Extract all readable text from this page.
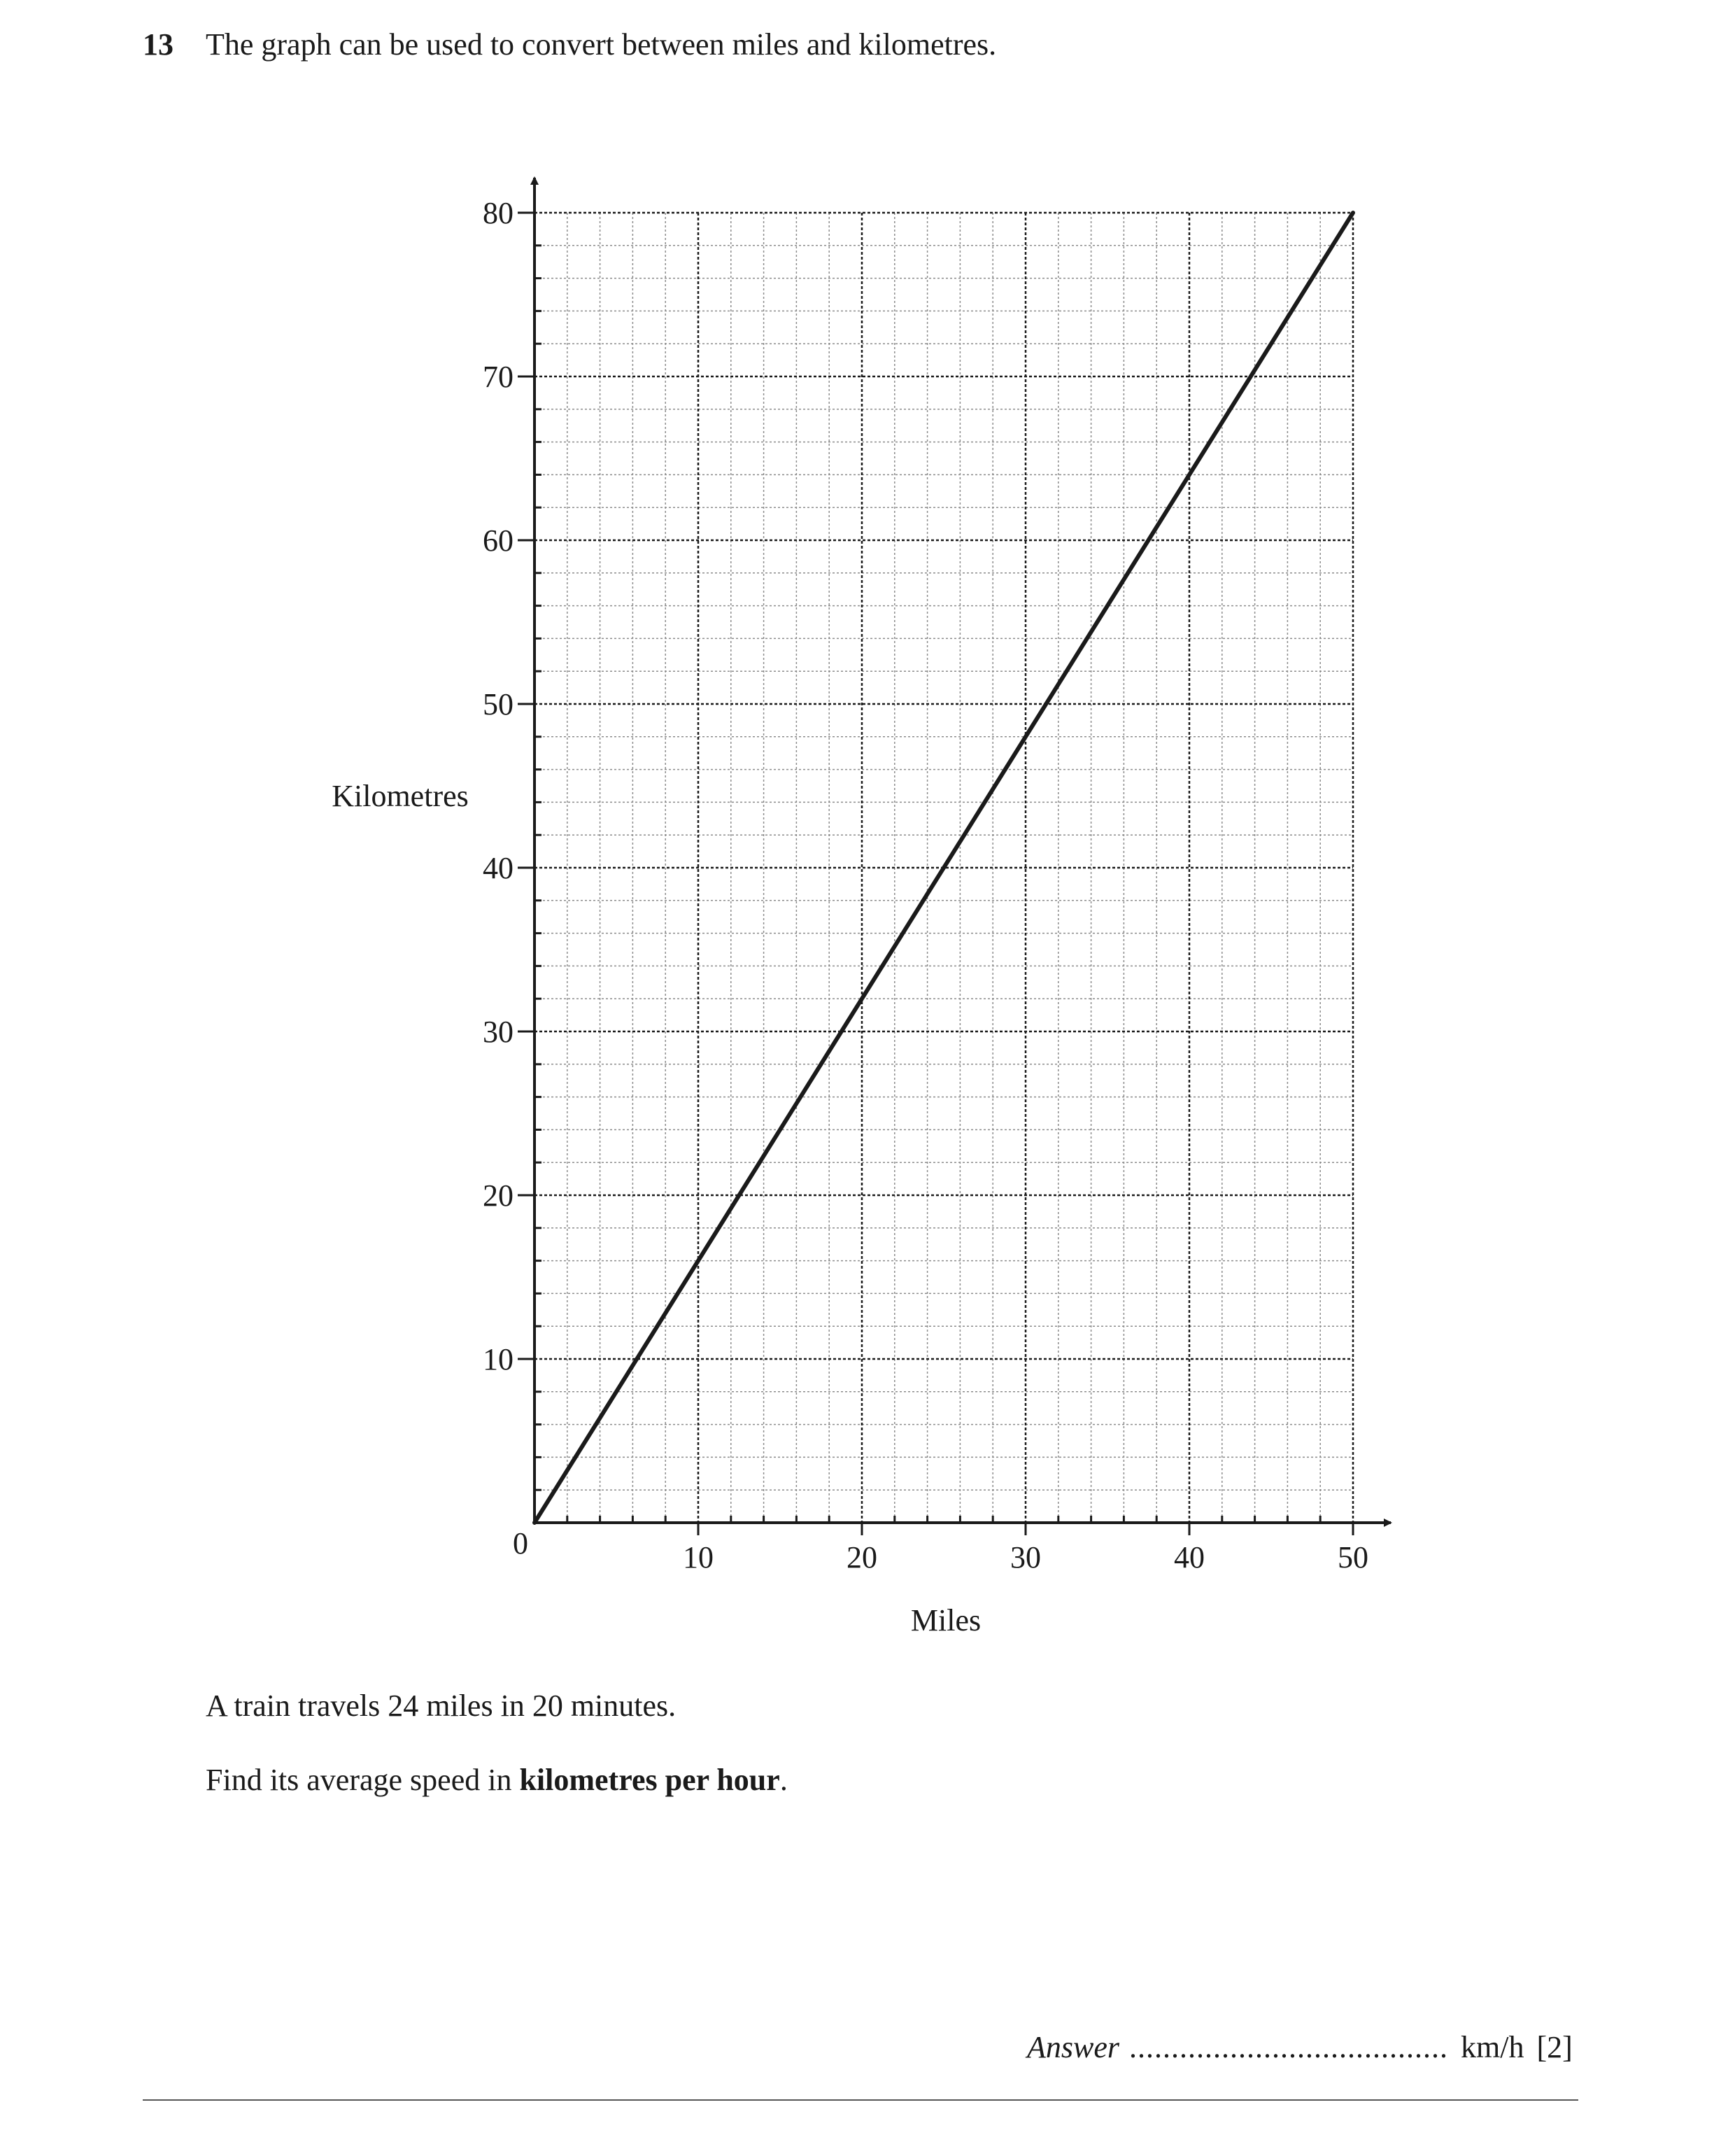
13 The graph can be used to convert between miles and kilometres.
10	20	30	40	50
10
20
30
40
50
60
70
80
Miles
Kilometres
0
A train travels 24 miles in 20 minutes.
Find its average speed in kilometres per hour.
Answer ...................................... km/h [2]
